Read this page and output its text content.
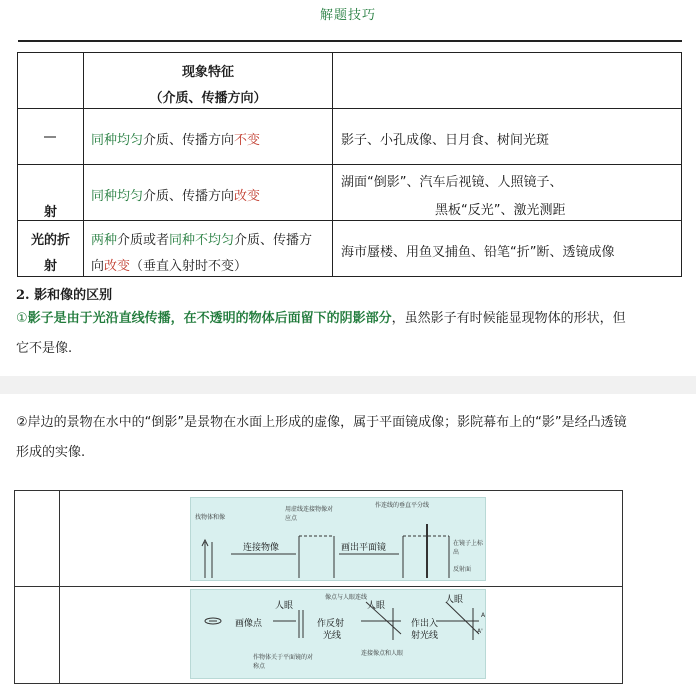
解题技巧
现象特征
（介质、传播方向）
同种均匀介质、传播方向不变	影子、小孔成像、日月食、树间光斑
射
同种均匀介质、传播方向改变
湖面“倒影”、汽车后视镜、人照镜子、
黑板“反光”、激光测距
光的折
射
两种介质或者同种不均匀介质、传播方
向改变（垂直入射时不变）
海市蜃楼、用鱼叉捕鱼、铅笔“折”断、透镜成像
2. 影和像的区别
①影子是由于光沿直线传播，在不透明的物体后面留下的阴影部分，虽然影子有时候能显现物体的形状，但
它不是像.
②岸边的景物在水中的“倒影”是景物在水面上形成的虚像，属于平面镜成像；影院幕布上的“影”是经凸透镜
形成的实像.
找物体和像
连接物像
用虚线连接物像对应点
画出平面镜
作连线的垂直平分线
在镜子上标出
反射面
画像点
作物体关于平面镜的对称点
人眼
作反射
光线
像点与人眼连线
人眼
连接像点和人眼
作出入
射光线
人眼
A
A'
